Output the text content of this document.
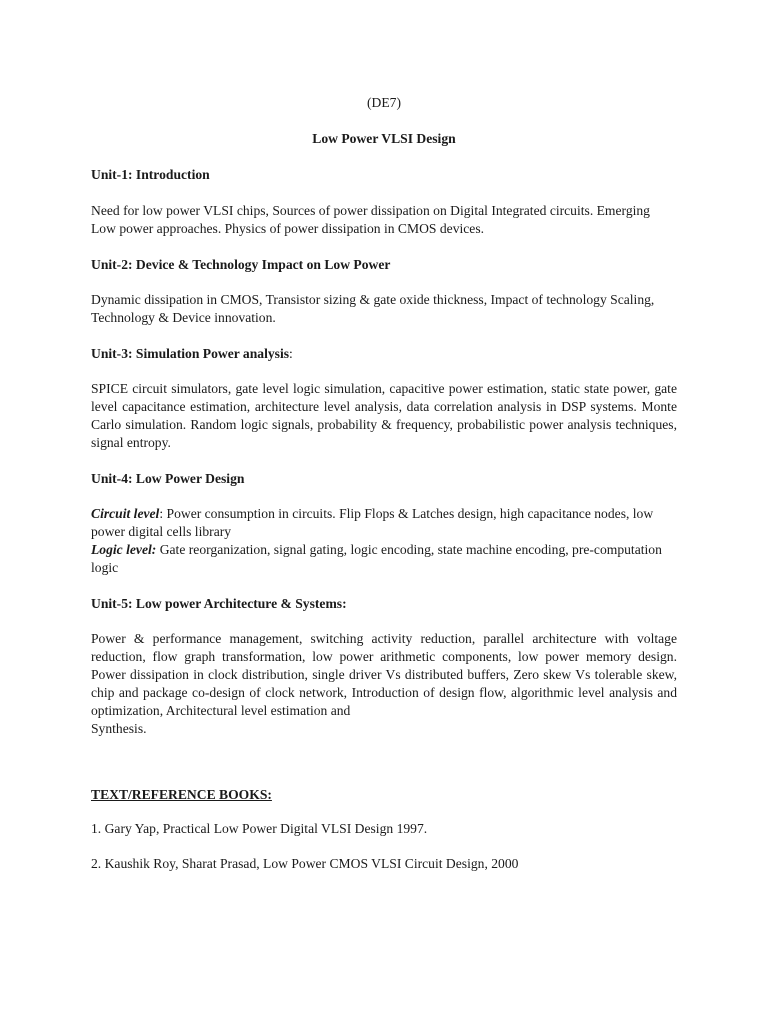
(DE7)

Low Power VLSI Design

Unit-1: Introduction

Need for low power VLSI chips, Sources of power dissipation on Digital Integrated circuits. Emerging Low power approaches. Physics of power dissipation in CMOS devices.

Unit-2: Device & Technology Impact on Low Power

Dynamic dissipation in CMOS, Transistor sizing & gate oxide thickness, Impact of technology Scaling, Technology & Device innovation.

Unit-3: Simulation Power analysis:

SPICE circuit simulators, gate level logic simulation, capacitive power estimation, static state power, gate level capacitance estimation, architecture level analysis, data correlation analysis in DSP systems. Monte Carlo simulation. Random logic signals, probability & frequency, probabilistic power analysis techniques, signal entropy.

Unit-4: Low Power Design

Circuit level: Power consumption in circuits. Flip Flops & Latches design, high capacitance nodes, low power digital cells library

Logic level: Gate reorganization, signal gating, logic encoding, state machine encoding, pre-computation logic

Unit-5: Low power Architecture & Systems:

Power & performance management, switching activity reduction, parallel architecture with voltage reduction, flow graph transformation, low power arithmetic components, low power memory design. Power dissipation in clock distribution, single driver Vs distributed buffers, Zero skew Vs tolerable skew, chip and package co-design of clock network, Introduction of design flow, algorithmic level analysis and optimization, Architectural level estimation and

Synthesis.

TEXT/REFERENCE BOOKS:

1. Gary Yap, Practical Low Power Digital VLSI Design 1997.

2. Kaushik Roy, Sharat Prasad, Low Power CMOS VLSI Circuit Design, 2000
